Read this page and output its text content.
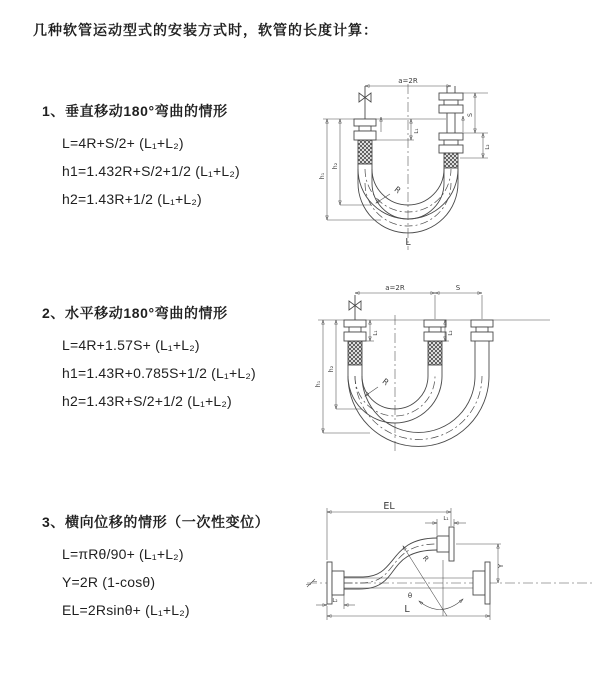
几种软管运动型式的安装方式时，软管的长度计算：
1、垂直移动180°弯曲的情形
L=4R+S/2+ (L₁+L₂)
h1=1.432R+S/2+1/2 (L₁+L₂)
h2=1.43R+1/2 (L₁+L₂)
a=2R
S
L₂
L₁
h₂
h₁
R
L
2、水平移动180°弯曲的情形
L=4R+1.57S+ (L₁+L₂)
h1=1.43R+0.785S+1/2 (L₁+L₂)
h2=1.43R+S/2+1/2 (L₁+L₂)
a=2R	S
h₂
h₁
L₁	L₂
R
3、横向位移的情形（一次性变位）
L=πRθ/90+ (L₁+L₂)
Y=2R (1-cosθ)
EL=2Rsinθ+ (L₁+L₂)
EL
L₁
Y
L
L₂
θ
R
